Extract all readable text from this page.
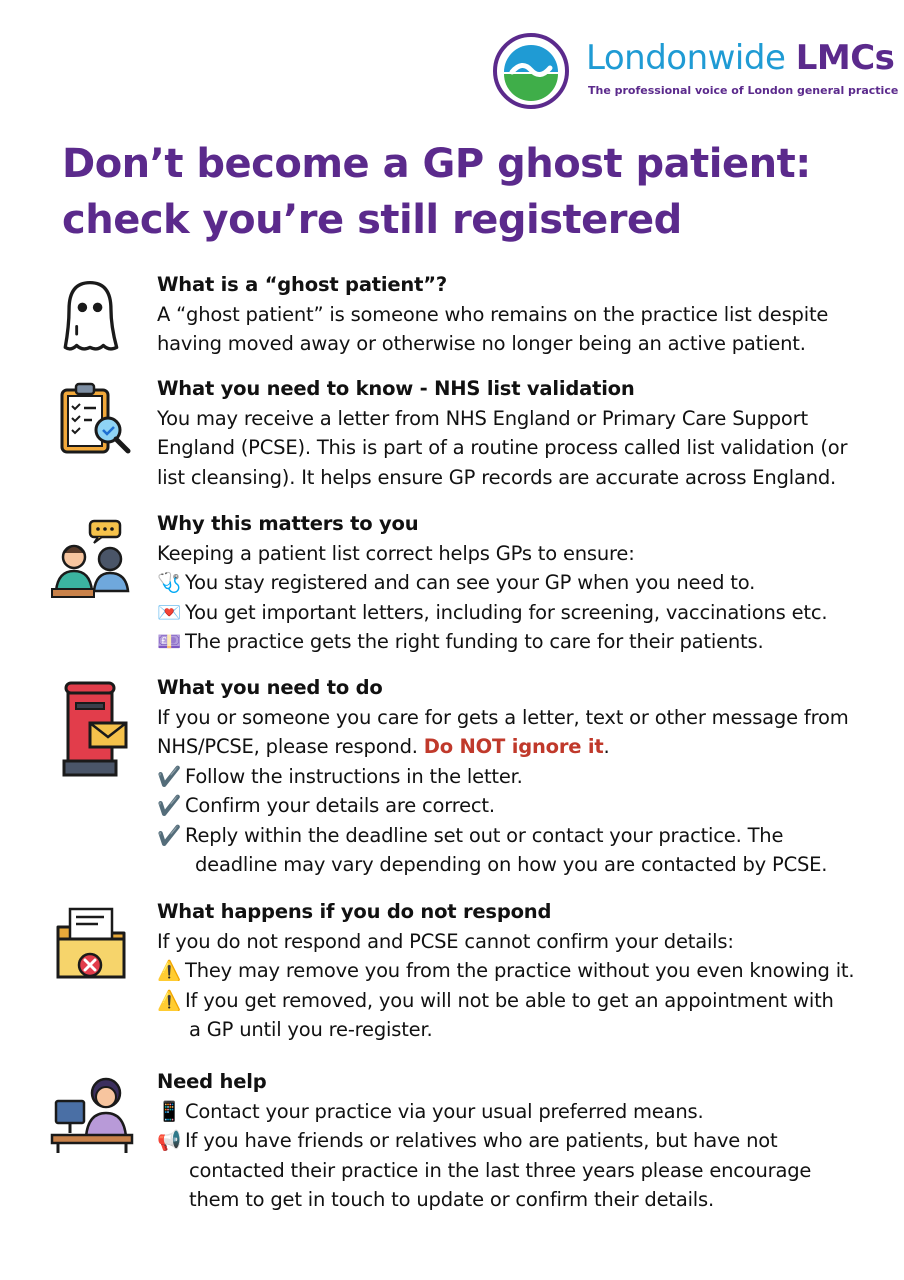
Londonwide LMCs
The professional voice of London general practice
Don’t become a GP ghost patient:
check you’re still registered
What is a “ghost patient”?
A “ghost patient” is someone who remains on the practice list despite
having moved away or otherwise no longer being an active patient.
What you need to know - NHS list validation
You may receive a letter from NHS England or Primary Care Support
England (PCSE). This is part of a routine process called list validation (or
list cleansing). It helps ensure GP records are accurate across England.
Why this matters to you
Keeping a patient list correct helps GPs to ensure:
🩺 You stay registered and can see your GP when you need to.
💌 You get important letters, including for screening, vaccinations etc.
💷 The practice gets the right funding to care for their patients.
What you need to do
If you or someone you care for gets a letter, text or other message from
NHS/PCSE, please respond. Do NOT ignore it.
✔️ Follow the instructions in the letter.
✔️ Confirm your details are correct.
✔️ Reply within the deadline set out or contact your practice. The
deadline may vary depending on how you are contacted by PCSE.
What happens if you do not respond
If you do not respond and PCSE cannot confirm your details:
⚠️ They may remove you from the practice without you even knowing it.
⚠️ If you get removed, you will not be able to get an appointment with
a GP until you re-register.
Need help
📱 Contact your practice via your usual preferred means.
📢 If you have friends or relatives who are patients, but have not
contacted their practice in the last three years please encourage
them to get in touch to update or confirm their details.
